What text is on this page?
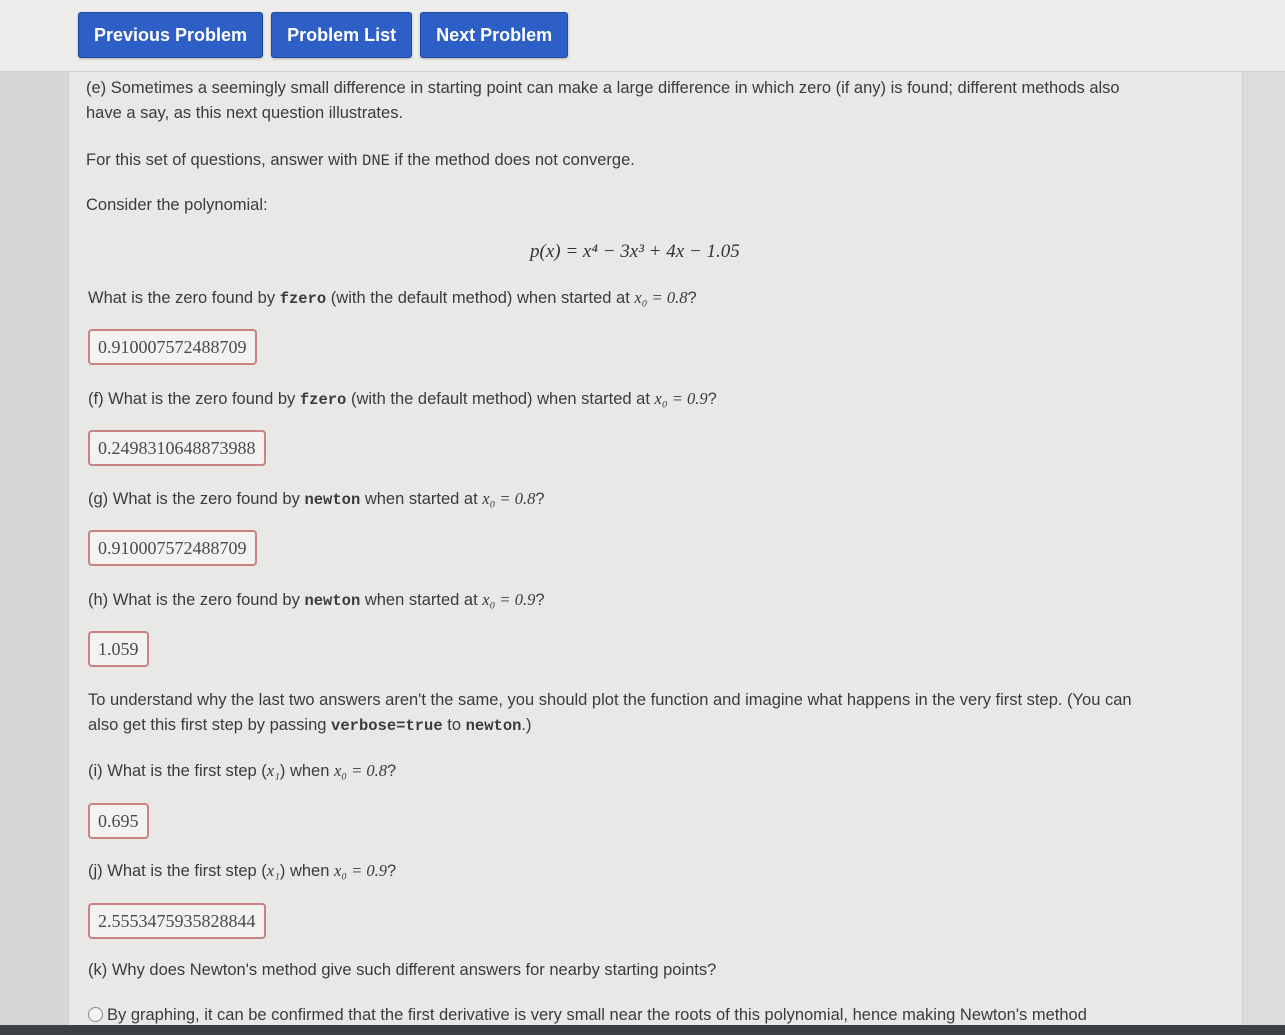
Previous Problem	Problem List	Next Problem
(e) Sometimes a seemingly small difference in starting point can make a large difference in which zero (if any) is found; different methods also
have a say, as this next question illustrates.
For this set of questions, answer with DNE if the method does not converge.
Consider the polynomial:
p(x) = x⁴ − 3x³ + 4x − 1.05
What is the zero found by fzero (with the default method) when started at x₀ = 0.8?
0.910007572488709
(f) What is the zero found by fzero (with the default method) when started at x₀ = 0.9?
0.2498310648873988
(g) What is the zero found by newton when started at x₀ = 0.8?
0.910007572488709
(h) What is the zero found by newton when started at x₀ = 0.9?
1.059
To understand why the last two answers aren't the same, you should plot the function and imagine what happens in the very first step. (You can
also get this first step by passing verbose=true to newton.)
(i) What is the first step (x₁) when x₀ = 0.8?
0.695
(j) What is the first step (x₁) when x₀ = 0.9?
2.5553475935828844
(k) Why does Newton's method give such different answers for nearby starting points?
By graphing, it can be confirmed that the first derivative is very small near the roots of this polynomial, hence making Newton's method
